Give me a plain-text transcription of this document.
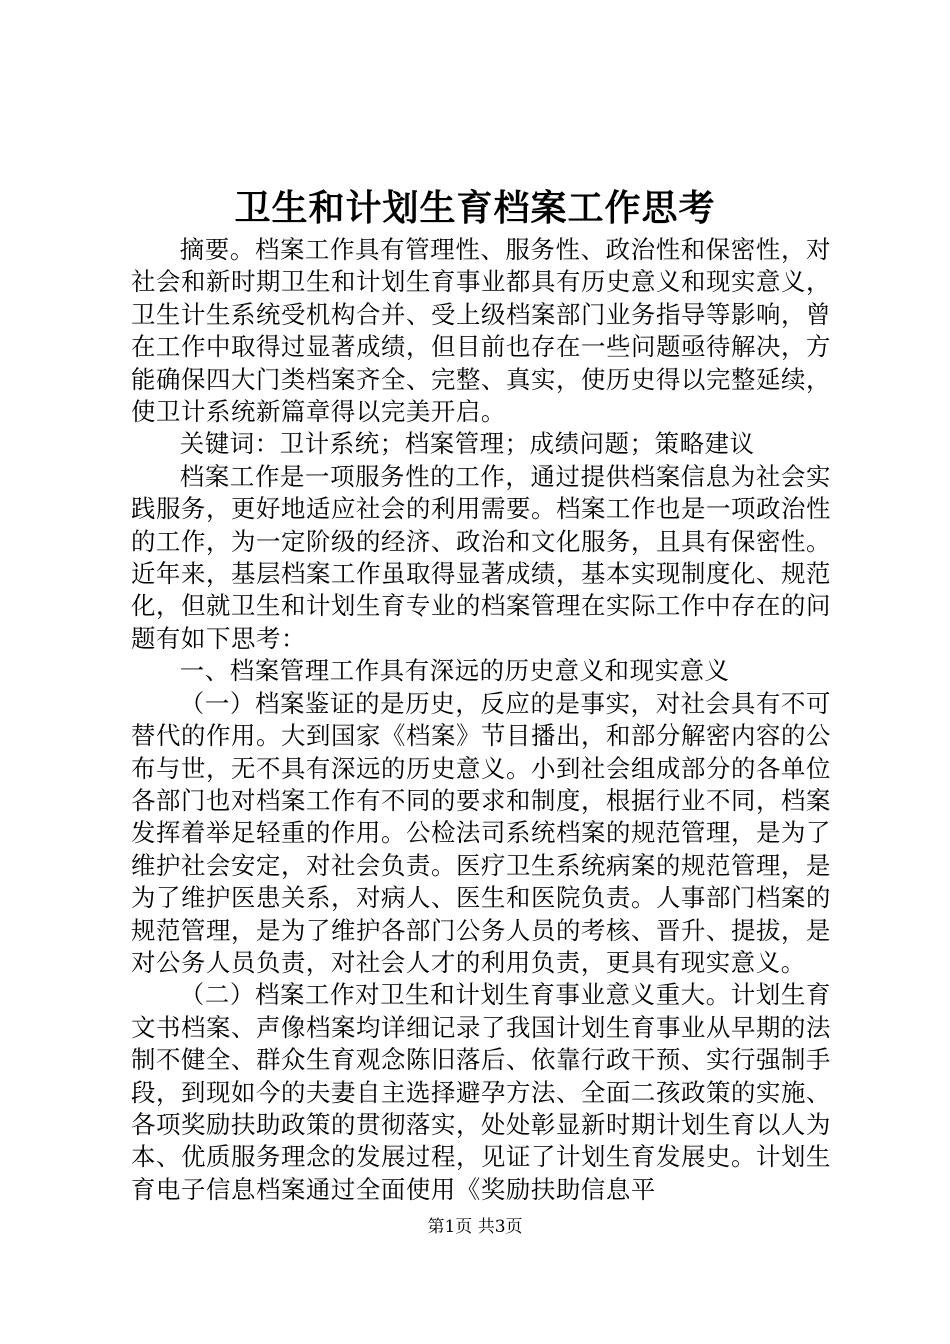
卫生和计划生育档案工作思考

摘要。档案工作具有管理性、服务性、政治性和保密性，对社会和新时期卫生和计划生育事业都具有历史意义和现实意义，卫生计生系统受机构合并、受上级档案部门业务指导等影响，曾在工作中取得过显著成绩，但目前也存在一些问题亟待解决，方能确保四大门类档案齐全、完整、真实，使历史得以完整延续，使卫计系统新篇章得以完美开启。

关键词：卫计系统；档案管理；成绩问题；策略建议

档案工作是一项服务性的工作，通过提供档案信息为社会实践服务，更好地适应社会的利用需要。档案工作也是一项政治性的工作，为一定阶级的经济、政治和文化服务，且具有保密性。近年来，基层档案工作虽取得显著成绩，基本实现制度化、规范化，但就卫生和计划生育专业的档案管理在实际工作中存在的问题有如下思考：

一、档案管理工作具有深远的历史意义和现实意义

（一）档案鉴证的是历史，反应的是事实，对社会具有不可替代的作用。大到国家《档案》节目播出，和部分解密内容的公布与世，无不具有深远的历史意义。小到社会组成部分的各单位各部门也对档案工作有不同的要求和制度，根据行业不同，档案发挥着举足轻重的作用。公检法司系统档案的规范管理，是为了维护社会安定，对社会负责。医疗卫生系统病案的规范管理，是为了维护医患关系，对病人、医生和医院负责。人事部门档案的规范管理，是为了维护各部门公务人员的考核、晋升、提拔，是对公务人员负责，对社会人才的利用负责，更具有现实意义。

（二）档案工作对卫生和计划生育事业意义重大。计划生育文书档案、声像档案均详细记录了我国计划生育事业从早期的法制不健全、群众生育观念陈旧落后、依靠行政干预、实行强制手段，到现如今的夫妻自主选择避孕方法、全面二孩政策的实施、各项奖励扶助政策的贯彻落实，处处彰显新时期计划生育以人为本、优质服务理念的发展过程，见证了计划生育发展史。计划生育电子信息档案通过全面使用《奖励扶助信息平

第1页 共3页
